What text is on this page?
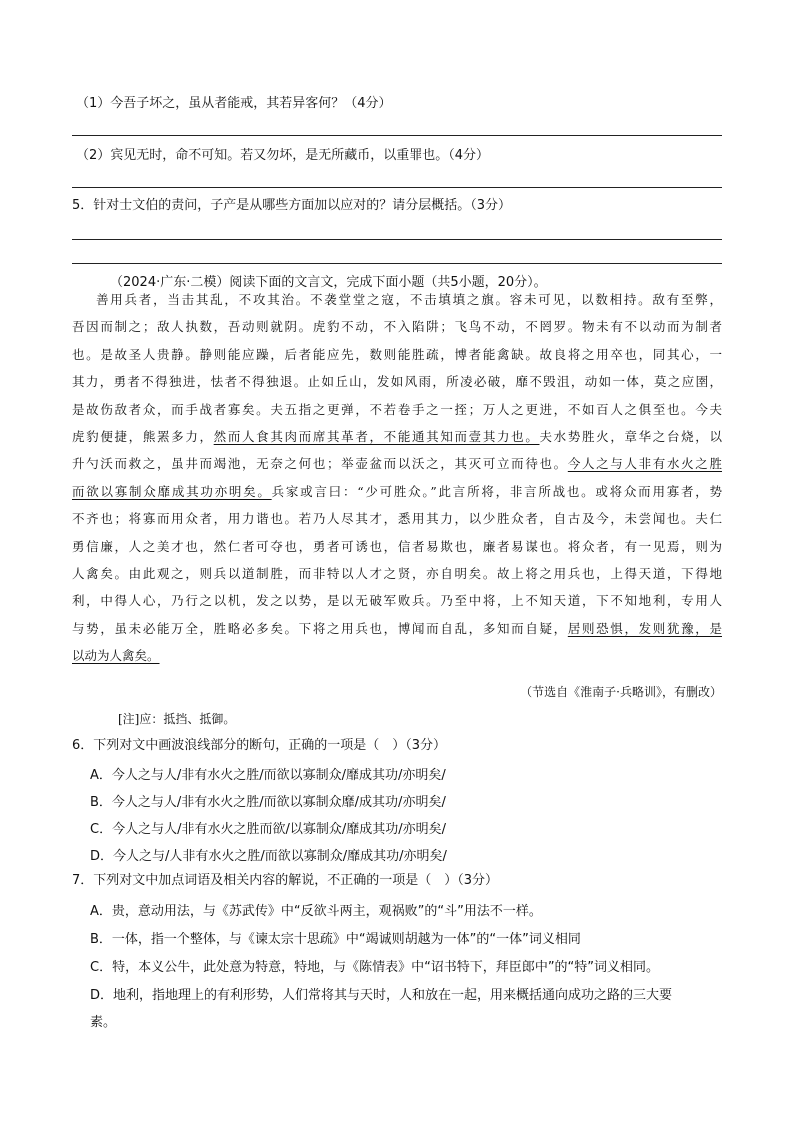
（1）今吾子坏之，虽从者能戒，其若异客何？（4分）
（2）宾见无时，命不可知。若又勿坏，是无所藏币，以重罪也。（4分）
5．针对士文伯的责问，子产是从哪些方面加以应对的？请分层概括。（3分）
（2024·广东·二模）阅读下面的文言文，完成下面小题（共5小题，20分）。
善用兵者，当击其乱，不攻其治。不袭堂堂之寇，不击填填之旗。容未可见，以数相持。敌有至弊，
吾因而制之；敌人执数，吾动则就阴。虎豹不动，不入陷阱；飞鸟不动，不罔罗。物未有不以动而为制者
也。是故圣人贵静。静则能应躁，后者能应先，数则能胜疏，博者能禽缺。故良将之用卒也，同其心，一
其力，勇者不得独进，怯者不得独退。止如丘山，发如风雨，所凌必破，靡不毁沮，动如一体，莫之应圉，
是故伤敌者众，而手战者寡矣。夫五指之更弹，不若卷手之一挃；万人之更进，不如百人之俱至也。今夫
虎豹便捷，熊罴多力，然而人食其肉而席其革者，不能通其知而壹其力也。夫水势胜火，章华之台烧，以
升勺沃而救之，虽井而竭池，无奈之何也；举壶盆而以沃之，其灭可立而待也。今人之与人非有水火之胜
而欲以寡制众靡成其功亦明矣。兵家或言曰：“少可胜众。”此言所将，非言所战也。或将众而用寡者，势
不齐也；将寡而用众者，用力谐也。若乃人尽其才，悉用其力，以少胜众者，自古及今，未尝闻也。夫仁
勇信廉，人之美才也，然仁者可夺也，勇者可诱也，信者易欺也，廉者易谋也。将众者，有一见焉，则为
人禽矣。由此观之，则兵以道制胜，而非特以人才之贤，亦自明矣。故上将之用兵也，上得天道，下得地
利，中得人心，乃行之以机，发之以势，是以无破军败兵。乃至中将，上不知天道，下不知地利，专用人
与势，虽未必能万全，胜略必多矣。下将之用兵也，博闻而自乱，多知而自疑，居则恐惧，发则犹豫，是
以动为人禽矣。
（节选自《淮南子·兵略训》，有删改）
[注]应：抵挡、抵御。
6．下列对文中画波浪线部分的断句，正确的一项是（　）（3分）
A．今人之与人/非有水火之胜/而欲以寡制众/靡成其功/亦明矣/
B．今人之与人/非有水火之胜/而欲以寡制众靡/成其功/亦明矣/
C．今人之与人/非有水火之胜而欲/以寡制众/靡成其功/亦明矣/
D．今人之与/人非有水火之胜/而欲以寡制众/靡成其功/亦明矣/
7．下列对文中加点词语及相关内容的解说，不正确的一项是（　）（3分）
A．贵，意动用法，与《苏武传》中“反欲斗两主，观祸败”的“斗”用法不一样。
B．一体，指一个整体，与《谏太宗十思疏》中“竭诚则胡越为一体”的“一体”词义相同
C．特，本义公牛，此处意为特意，特地，与《陈情表》中“诏书特下，拜臣郎中”的“特”词义相同。
D．地利，指地理上的有利形势，人们常将其与天时，人和放在一起，用来概括通向成功之路的三大要
素。
